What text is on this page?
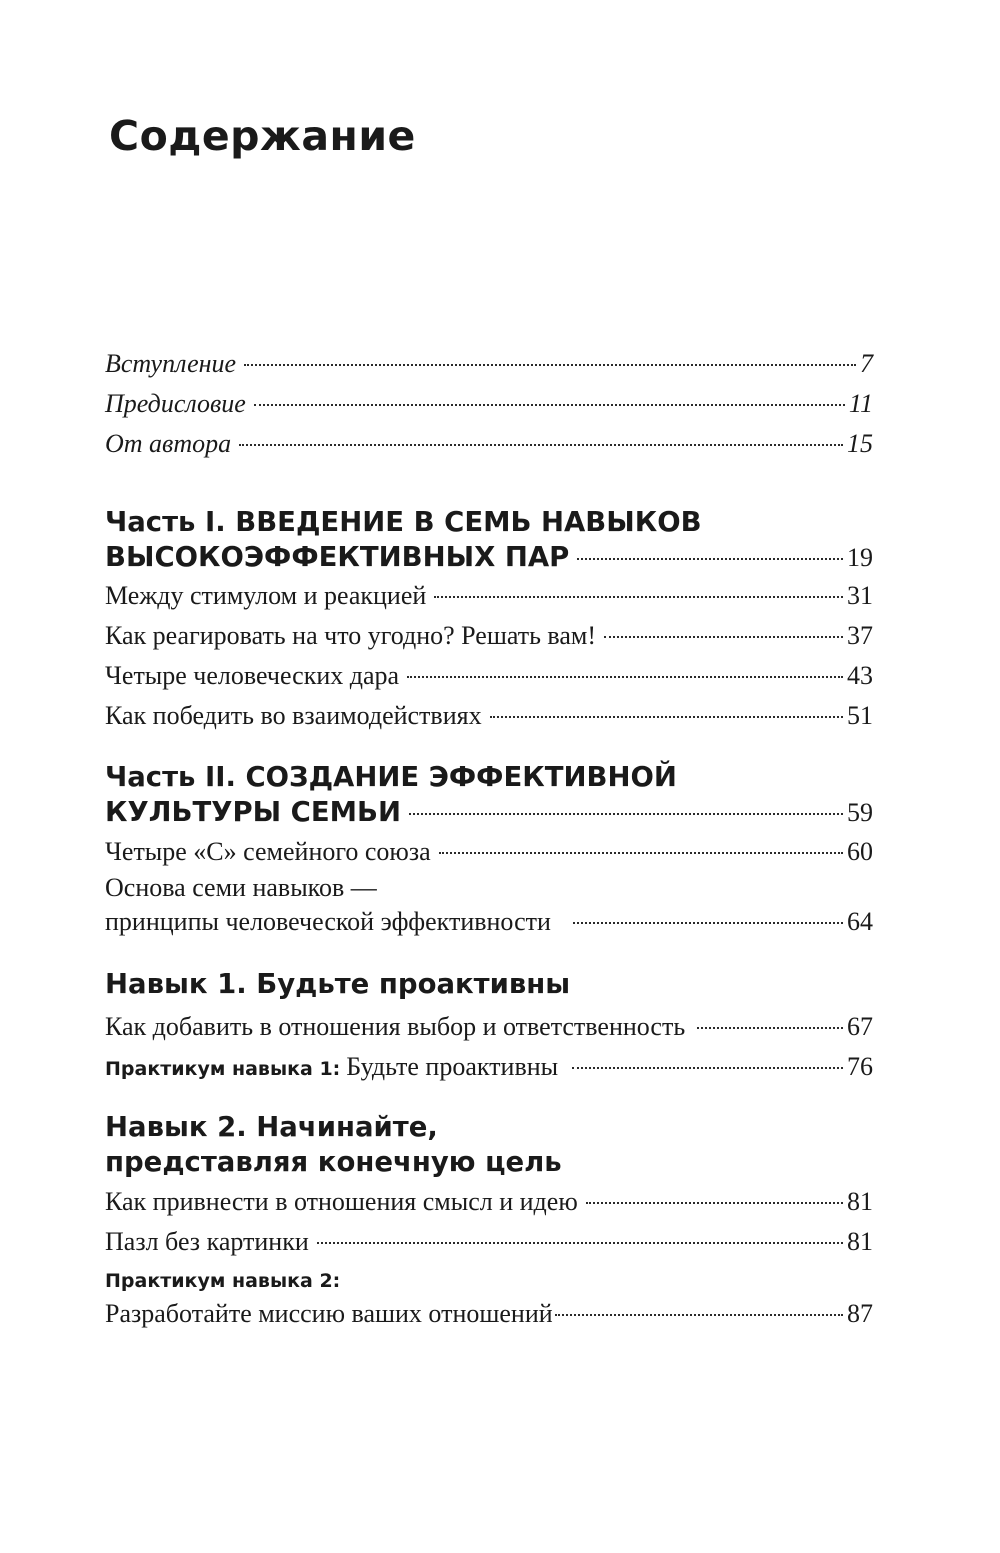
Содержание
Вступление	7
Предисловие	11
От автора	15
Часть I. ВВЕДЕНИЕ В СЕМЬ НАВЫКОВ
ВЫСОКОЭФФЕКТИВНЫХ ПАР	19
Между стимулом и реакцией	31
Как реагировать на что угодно? Решать вам!	37
Четыре человеческих дара	43
Как победить во взаимодействиях	51
Часть II. СОЗДАНИЕ ЭФФЕКТИВНОЙ
КУЛЬТУРЫ СЕМЬИ	59
Четыре «С» семейного союза	60
Основа семи навыков —
принципы человеческой эффективности	64
Навык 1. Будьте проактивны
Как добавить в отношения выбор и ответственность	67
Практикум навыка 1: Будьте проактивны	76
Навык 2. Начинайте,
представляя конечную цель
Как привнести в отношения смысл и идею	81
Пазл без картинки	81
Практикум навыка 2:
Разработайте миссию ваших отношений	87
